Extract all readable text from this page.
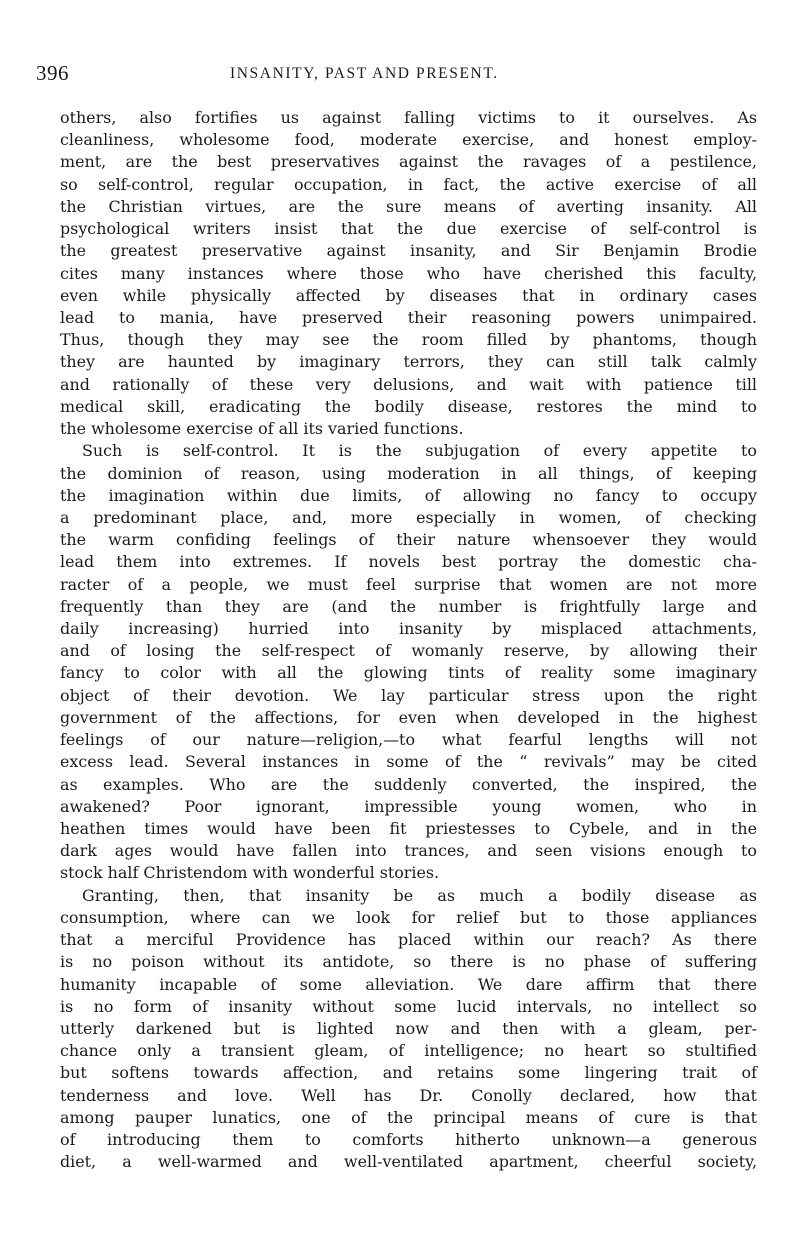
396	INSANITY, PAST AND PRESENT.
others, also fortifies us against falling victims to it ourselves. As
cleanliness, wholesome food, moderate exercise, and honest employ-
ment, are the best preservatives against the ravages of a pestilence,
so self-control, regular occupation, in fact, the active exercise of all
the Christian virtues, are the sure means of averting insanity. All
psychological writers insist that the due exercise of self-control is
the greatest preservative against insanity, and Sir Benjamin Brodie
cites many instances where those who have cherished this faculty,
even while physically affected by diseases that in ordinary cases
lead to mania, have preserved their reasoning powers unimpaired.
Thus, though they may see the room filled by phantoms, though
they are haunted by imaginary terrors, they can still talk calmly
and rationally of these very delusions, and wait with patience till
medical skill, eradicating the bodily disease, restores the mind to
the wholesome exercise of all its varied functions.
Such is self-control. It is the subjugation of every appetite to
the dominion of reason, using moderation in all things, of keeping
the imagination within due limits, of allowing no fancy to occupy
a predominant place, and, more especially in women, of checking
the warm confiding feelings of their nature whensoever they would
lead them into extremes. If novels best portray the domestic cha-
racter of a people, we must feel surprise that women are not more
frequently than they are (and the number is frightfully large and
daily increasing) hurried into insanity by misplaced attachments,
and of losing the self-respect of womanly reserve, by allowing their
fancy to color with all the glowing tints of reality some imaginary
object of their devotion. We lay particular stress upon the right
government of the affections, for even when developed in the highest
feelings of our nature—religion,—to what fearful lengths will not
excess lead. Several instances in some of the “ revivals” may be cited
as examples. Who are the suddenly converted, the inspired, the
awakened? Poor ignorant, impressible young women, who in
heathen times would have been fit priestesses to Cybele, and in the
dark ages would have fallen into trances, and seen visions enough to
stock half Christendom with wonderful stories.
Granting, then, that insanity be as much a bodily disease as
consumption, where can we look for relief but to those appliances
that a merciful Providence has placed within our reach? As there
is no poison without its antidote, so there is no phase of suffering
humanity incapable of some alleviation. We dare affirm that there
is no form of insanity without some lucid intervals, no intellect so
utterly darkened but is lighted now and then with a gleam, per-
chance only a transient gleam, of intelligence; no heart so stultified
but softens towards affection, and retains some lingering trait of
tenderness and love. Well has Dr. Conolly declared, how that
among pauper lunatics, one of the principal means of cure is that
of introducing them to comforts hitherto unknown—a generous
diet, a well-warmed and well-ventilated apartment, cheerful society,
